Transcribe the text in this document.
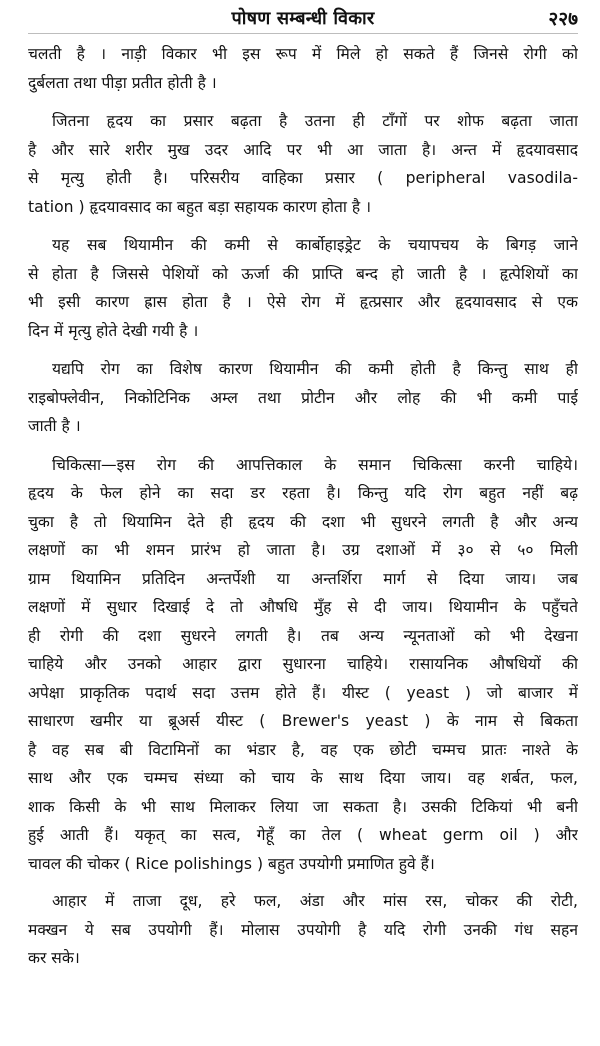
पोषण सम्बन्धी विकार	२२७
चलती है । नाड़ी विकार भी इस रूप में मिले हो सकते हैं जिनसे रोगी को
दुर्बलता तथा पीड़ा प्रतीत होती है ।
जितना हृदय का प्रसार बढ़ता है उतना ही टाँगों पर शोफ बढ़ता जाता
है और सारे शरीर मुख उदर आदि पर भी आ जाता है। अन्त में हृदयावसाद
से मृत्यु होती है। परिसरीय वाहिका प्रसार ( peripheral vasodila-
tation ) हृदयावसाद का बहुत बड़ा सहायक कारण होता है ।
यह सब थियामीन की कमी से कार्बोहाइड्रेट के चयापचय के बिगड़ जाने
से होता है जिससे पेशियों को ऊर्जा की प्राप्ति बन्द हो जाती है । हृत्पेशियों का
भी इसी कारण ह्रास होता है । ऐसे रोग में हृत्प्रसार और हृदयावसाद से एक
दिन में मृत्यु होते देखी गयी है ।
यद्यपि रोग का विशेष कारण थियामीन की कमी होती है किन्तु साथ ही
राइबोफ्लेवीन, निकोटिनिक अम्ल तथा प्रोटीन और लोह की भी कमी पाई
जाती है ।
चिकित्सा—इस रोग की आपत्तिकाल के समान चिकित्सा करनी चाहिये।
हृदय के फेल होने का सदा डर रहता है। किन्तु यदि रोग बहुत नहीं बढ़
चुका है तो थियामिन देते ही हृदय की दशा भी सुधरने लगती है और अन्य
लक्षणों का भी शमन प्रारंभ हो जाता है। उग्र दशाओं में ३० से ५० मिली
ग्राम थियामिन प्रतिदिन अन्तर्पेशी या अन्तर्शिरा मार्ग से दिया जाय। जब
लक्षणों में सुधार दिखाई दे तो औषधि मुँह से दी जाय। थियामीन के पहुँचते
ही रोगी की दशा सुधरने लगती है। तब अन्य न्यूनताओं को भी देखना
चाहिये और उनको आहार द्वारा सुधारना चाहिये। रासायनिक औषधियों की
अपेक्षा प्राकृतिक पदार्थ सदा उत्तम होते हैं। यीस्ट ( yeast ) जो बाजार में
साधारण खमीर या ब्रूअर्स यीस्ट ( Brewer's yeast ) के नाम से बिकता
है वह सब बी विटामिनों का भंडार है, वह एक छोटी चम्मच प्रातः नाश्ते के
साथ और एक चम्मच संध्या को चाय के साथ दिया जाय। वह शर्बत, फल,
शाक किसी के भी साथ मिलाकर लिया जा सकता है। उसकी टिकियां भी बनी
हुई आती हैं। यकृत् का सत्व, गेहूँ का तेल ( wheat germ oil ) और
चावल की चोकर ( Rice polishings ) बहुत उपयोगी प्रमाणित हुवे हैं।
आहार में ताजा दूध, हरे फल, अंडा और मांस रस, चोकर की रोटी,
मक्खन ये सब उपयोगी हैं। मोलास उपयोगी है यदि रोगी उनकी गंध सहन
कर सके।
